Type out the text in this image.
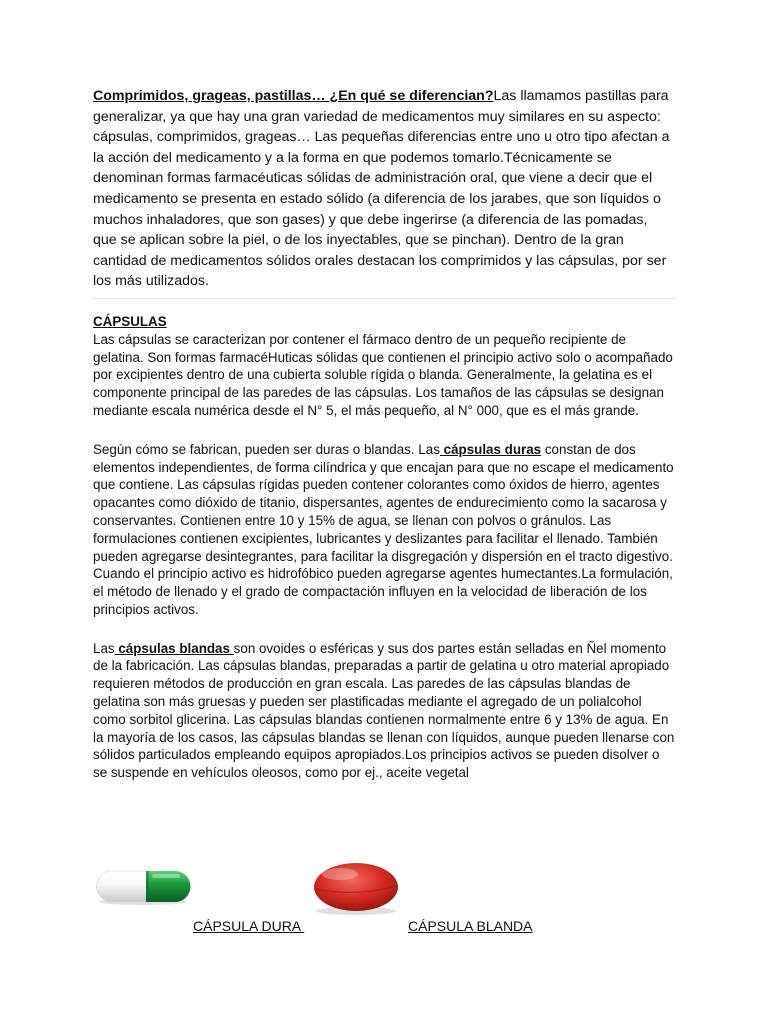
Comprimidos, grageas, pastillas… ¿En qué se diferencian?Las llamamos pastillas para generalizar, ya que hay una gran variedad de medicamentos muy similares en su aspecto: cápsulas, comprimidos, grageas… Las pequeñas diferencias entre uno u otro tipo afectan a la acción del medicamento y a la forma en que podemos tomarlo.Técnicamente se denominan formas farmacéuticas sólidas de administración oral, que viene a decir que el medicamento se presenta en estado sólido (a diferencia de los jarabes, que son líquidos o muchos inhaladores, que son gases) y que debe ingerirse (a diferencia de las pomadas, que se aplican sobre la piel, o de los inyectables, que se pinchan). Dentro de la gran cantidad de medicamentos sólidos orales destacan los comprimidos y las cápsulas, por ser los más utilizados.

CÁPSULAS

Las cápsulas se caracterizan por contener el fármaco dentro de un pequeño recipiente de gelatina. Son formas farmacéHuticas sólidas que contienen el principio activo solo o acompañado por excipientes dentro de una cubierta soluble rígida o blanda. Generalmente, la gelatina es el componente principal de las paredes de las cápsulas. Los tamaños de las cápsulas se designan mediante escala numérica desde el N° 5, el más pequeño, al N° 000, que es el más grande.

Según cómo se fabrican, pueden ser duras o blandas. Las cápsulas duras constan de dos elementos independientes, de forma cilíndrica y que encajan para que no escape el medicamento que contiene. Las cápsulas rígidas pueden contener colorantes como óxidos de hierro, agentes opacantes como dióxido de titanio, dispersantes, agentes de endurecimiento como la sacarosa y conservantes. Contienen entre 10 y 15% de agua, se llenan con polvos o gránulos. Las formulaciones contienen excipientes, lubricantes y deslizantes para facilitar el llenado. También pueden agregarse desintegrantes, para facilitar la disgregación y dispersión en el tracto digestivo. Cuando el principio activo es hidrofóbico pueden agregarse agentes humectantes.La formulación, el método de llenado y el grado de compactación influyen en la velocidad de liberación de los principios activos.

Las cápsulas blandas son ovoides o esféricas y sus dos partes están selladas en Ñel momento de la fabricación. Las cápsulas blandas, preparadas a partir de gelatina u otro material apropiado requieren métodos de producción en gran escala. Las paredes de las cápsulas blandas de gelatina son más gruesas y pueden ser plastificadas mediante el agregado de un polialcohol como sorbitol glicerina. Las cápsulas blandas contienen normalmente entre 6 y 13% de agua. En la mayoría de los casos, las cápsulas blandas se llenan con líquidos, aunque pueden llenarse con sólidos particulados empleando equipos apropiados.Los principios activos se pueden disolver o se suspende en vehículos oleosos, como por ej., aceite vegetal

CÁPSULA DURA	CÁPSULA BLANDA
